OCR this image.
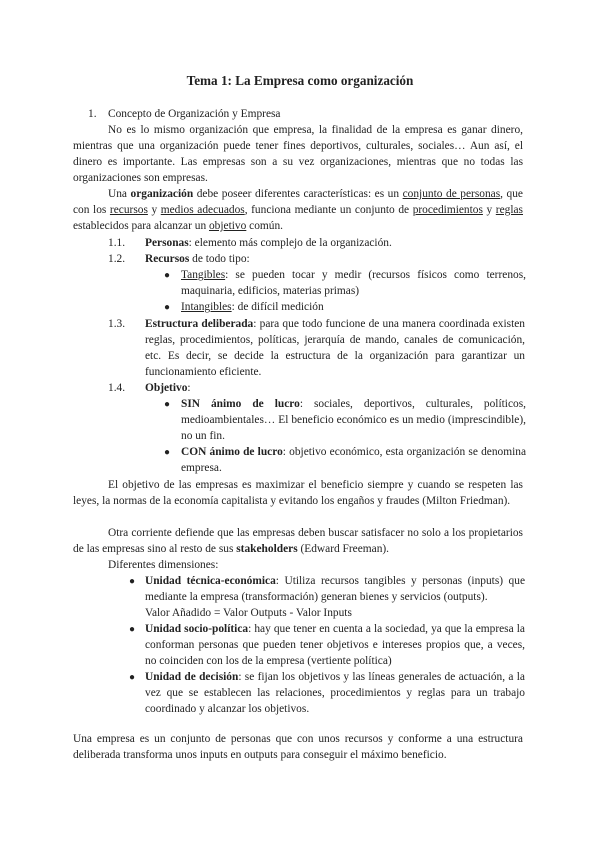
Tema 1: La Empresa como organización
1. Concepto de Organización y Empresa
No es lo mismo organización que empresa, la finalidad de la empresa es ganar dinero, mientras que una organización puede tener fines deportivos, culturales, sociales… Aun así, el dinero es importante. Las empresas son a su vez organizaciones, mientras que no todas las organizaciones son empresas.
Una organización debe poseer diferentes características: es un conjunto de personas, que con los recursos y medios adecuados, funciona mediante un conjunto de procedimientos y reglas establecidos para alcanzar un objetivo común.
1.1. Personas: elemento más complejo de la organización.
1.2. Recursos de todo tipo:
● Tangibles: se pueden tocar y medir (recursos físicos como terrenos, maquinaria, edificios, materias primas)
● Intangibles: de difícil medición
1.3. Estructura deliberada: para que todo funcione de una manera coordinada existen reglas, procedimientos, políticas, jerarquía de mando, canales de comunicación, etc. Es decir, se decide la estructura de la organización para garantizar un funcionamiento eficiente.
1.4. Objetivo:
● SIN ánimo de lucro: sociales, deportivos, culturales, políticos, medioambientales… El beneficio económico es un medio (imprescindible), no un fin.
● CON ánimo de lucro: objetivo económico, esta organización se denomina empresa.
El objetivo de las empresas es maximizar el beneficio siempre y cuando se respeten las leyes, la normas de la economía capitalista y evitando los engaños y fraudes (Milton Friedman).
Otra corriente defiende que las empresas deben buscar satisfacer no solo a los propietarios de las empresas sino al resto de sus stakeholders (Edward Freeman).
Diferentes dimensiones:
● Unidad técnica-económica: Utiliza recursos tangibles y personas (inputs) que mediante la empresa (transformación) generan bienes y servicios (outputs).
Valor Añadido = Valor Outputs - Valor Inputs
● Unidad socio-política: hay que tener en cuenta a la sociedad, ya que la empresa la conforman personas que pueden tener objetivos e intereses propios que, a veces, no coinciden con los de la empresa (vertiente política)
● Unidad de decisión: se fijan los objetivos y las líneas generales de actuación, a la vez que se establecen las relaciones, procedimientos y reglas para un trabajo coordinado y alcanzar los objetivos.
Una empresa es un conjunto de personas que con unos recursos y conforme a una estructura deliberada transforma unos inputs en outputs para conseguir el máximo beneficio.
